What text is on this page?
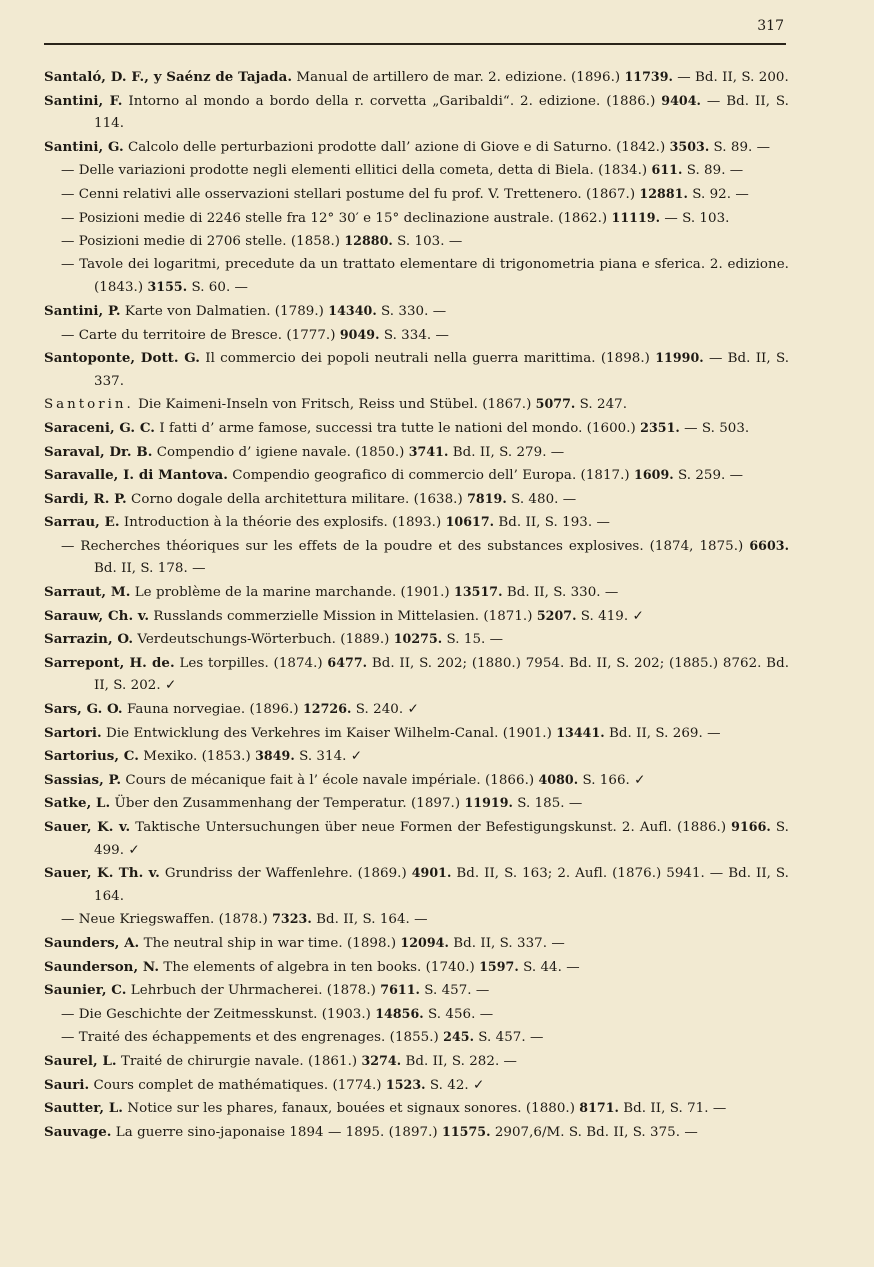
317
Santaló, D. F., y Saénz de Tajada. Manual de artillero de mar. 2. edizione. (1896.) 11739. — Bd. II, S. 200.
Santini, F. Intorno al mondo a bordo della r. corvetta „Garibaldi“. 2. edizione. (1886.) 9404. — Bd. II, S. 114.
Santini, G. Calcolo delle perturbazioni prodotte dall’ azione di Giove e di Saturno. (1842.) 3503. S. 89. —
— Delle variazioni prodotte negli elementi ellitici della cometa, detta di Biela. (1834.) 611. S. 89. —
— Cenni relativi alle osservazioni stellari postume del fu prof. V. Trettenero. (1867.) 12881. S. 92. —
— Posizioni medie di 2246 stelle fra 12° 30′ e 15° declinazione australe. (1862.) 11119. — S. 103.
— Posizioni medie di 2706 stelle. (1858.) 12880. S. 103. —
— Tavole dei logaritmi, precedute da un trattato elementare di trigonometria piana e sferica. 2. edizione. (1843.) 3155. S. 60. —
Santini, P. Karte von Dalmatien. (1789.) 14340. S. 330. —
— Carte du territoire de Bresce. (1777.) 9049. S. 334. —
Santoponte, Dott. G. Il commercio dei popoli neutrali nella guerra marittima. (1898.) 11990. — Bd. II, S. 337.
Santorin. Die Kaimeni-Inseln von Fritsch, Reiss und Stübel. (1867.) 5077. S. 247.
Saraceni, G. C. I fatti d’ arme famose, successi tra tutte le nationi del mondo. (1600.) 2351. — S. 503.
Saraval, Dr. B. Compendio d’ igiene navale. (1850.) 3741. Bd. II, S. 279. —
Saravalle, I. di Mantova. Compendio geografico di commercio dell’ Europa. (1817.) 1609. S. 259. —
Sardi, R. P. Corno dogale della architettura militare. (1638.) 7819. S. 480. —
Sarrau, E. Introduction à la théorie des explosifs. (1893.) 10617. Bd. II, S. 193. —
— Recherches théoriques sur les effets de la poudre et des substances explosives. (1874, 1875.) 6603. Bd. II, S. 178. —
Sarraut, M. Le problème de la marine marchande. (1901.) 13517. Bd. II, S. 330. —
Sarauw, Ch. v. Russlands commerzielle Mission in Mittelasien. (1871.) 5207. S. 419. ✓
Sarrazin, O. Verdeutschungs-Wörterbuch. (1889.) 10275. S. 15. —
Sarrepont, H. de. Les torpilles. (1874.) 6477. Bd. II, S. 202; (1880.) 7954. Bd. II, S. 202; (1885.) 8762. Bd. II, S. 202. ✓
Sars, G. O. Fauna norvegiae. (1896.) 12726. S. 240. ✓
Sartori. Die Entwicklung des Verkehres im Kaiser Wilhelm-Canal. (1901.) 13441. Bd. II, S. 269. —
Sartorius, C. Mexiko. (1853.) 3849. S. 314. ✓
Sassias, P. Cours de mécanique fait à l’ école navale impériale. (1866.) 4080. S. 166. ✓
Satke, L. Über den Zusammenhang der Temperatur. (1897.) 11919. S. 185. —
Sauer, K. v. Taktische Untersuchungen über neue Formen der Befestigungskunst. 2. Aufl. (1886.) 9166. S. 499. ✓
Sauer, K. Th. v. Grundriss der Waffenlehre. (1869.) 4901. Bd. II, S. 163; 2. Aufl. (1876.) 5941. — Bd. II, S. 164.
— Neue Kriegswaffen. (1878.) 7323. Bd. II, S. 164. —
Saunders, A. The neutral ship in war time. (1898.) 12094. Bd. II, S. 337. —
Saunderson, N. The elements of algebra in ten books. (1740.) 1597. S. 44. —
Saunier, C. Lehrbuch der Uhrmacherei. (1878.) 7611. S. 457. —
— Die Geschichte der Zeitmesskunst. (1903.) 14856. S. 456. —
— Traité des échappements et des engrenages. (1855.) 245. S. 457. —
Saurel, L. Traité de chirurgie navale. (1861.) 3274. Bd. II, S. 282. —
Sauri. Cours complet de mathématiques. (1774.) 1523. S. 42. ✓
Sautter, L. Notice sur les phares, fanaux, bouées et signaux sonores. (1880.) 8171. Bd. II, S. 71. —
Sauvage. La guerre sino-japonaise 1894 — 1895. (1897.) 11575. 2907,6/M. S. Bd. II, S. 375. —
